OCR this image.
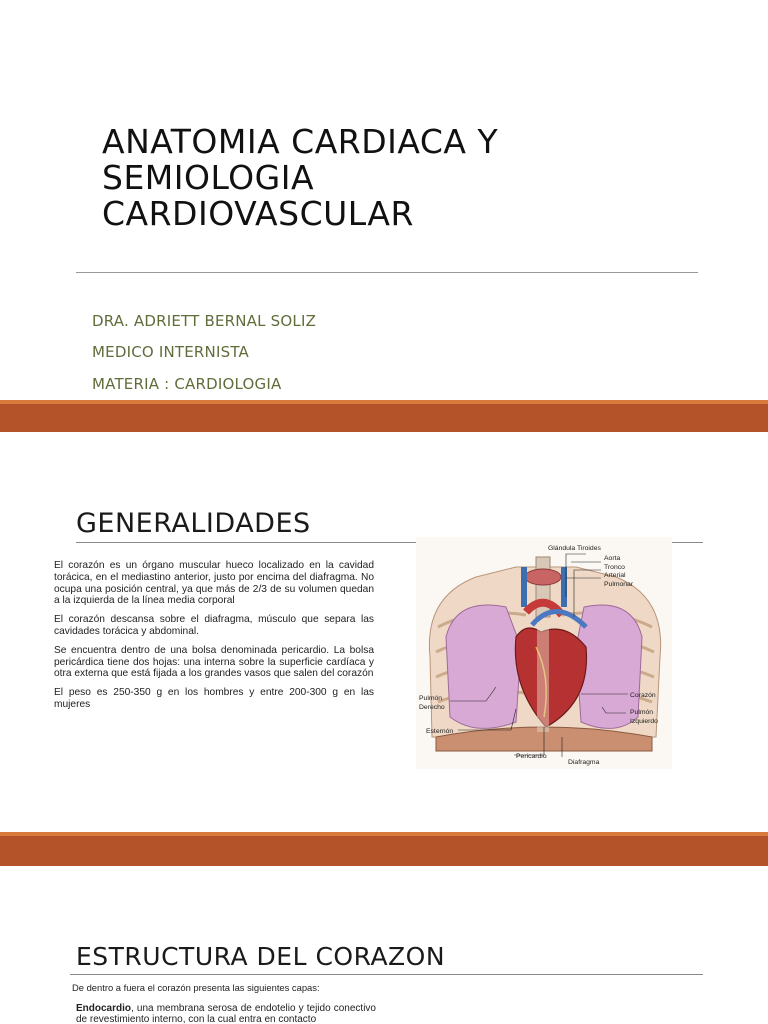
ANATOMIA CARDIACA Y
SEMIOLOGIA
CARDIOVASCULAR
DRA. ADRIETT BERNAL SOLIZ
MEDICO INTERNISTA
MATERIA : CARDIOLOGIA
GENERALIDADES

El corazón es un órgano muscular hueco localizado en la cavidad torácica, en el mediastino anterior, justo por encima del diafragma. No ocupa una posición central, ya que más de 2/3 de su volumen quedan a la izquierda de la línea media corporal

El corazón descansa sobre el diafragma, músculo que separa las cavidades torácica y abdominal.

Se encuentra dentro de una bolsa denominada pericardio. La bolsa pericárdica tiene dos hojas: una interna sobre la superficie cardíaca y otra externa que está fijada a los grandes vasos que salen del corazón

El peso es 250-350 g en los hombres y entre 200-300 g en las mujeres

Glándula Tiroides
Aorta
Tronco
Arterial
Pulmonar
Corazón
Pulmón
Izquierdo
Pulmón
Derecho
Esternón
Pericardio
Diafragma
ESTRUCTURA DEL CORAZON
De dentro a fuera el corazón presenta las siguientes capas:
Endocardio, una membrana serosa de endotelio y tejido conectivo de revestimiento interno, con la cual entra en contacto
